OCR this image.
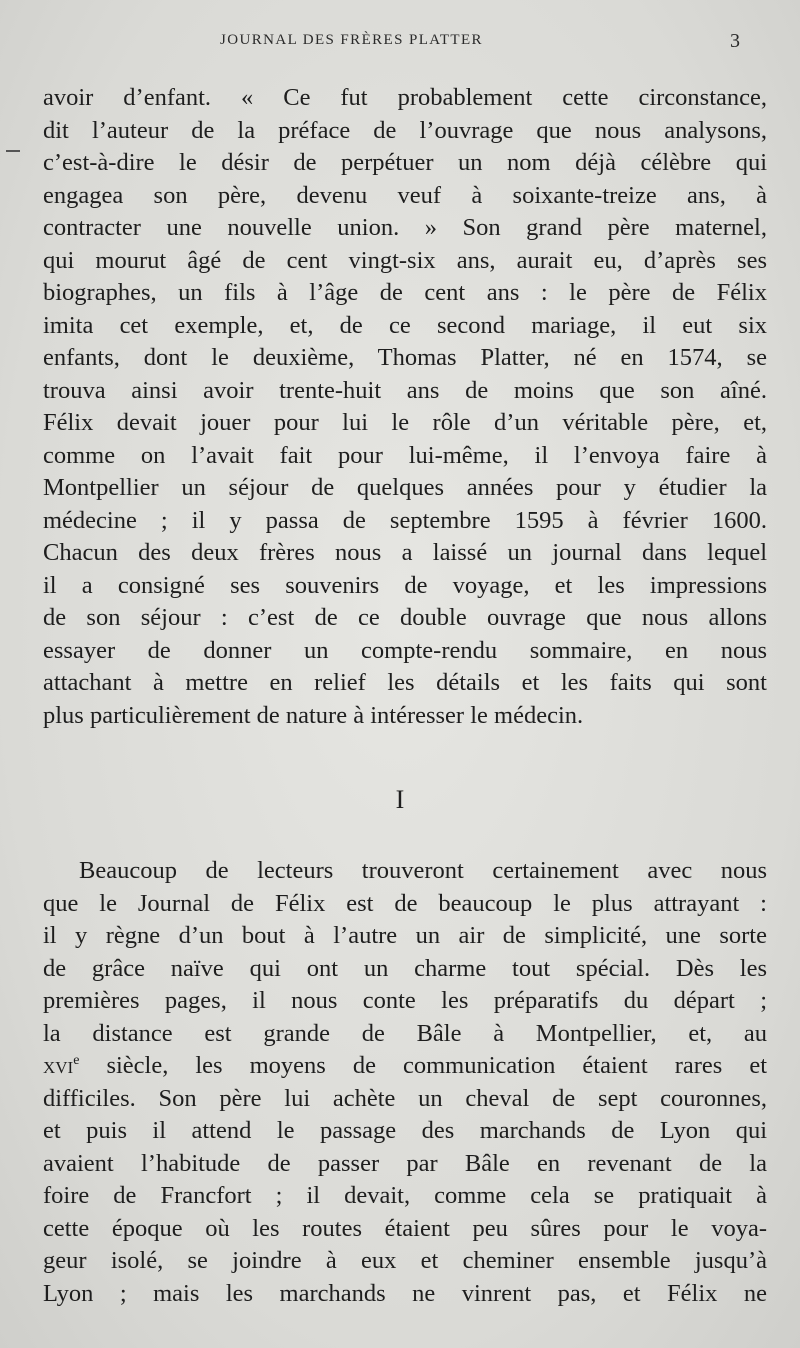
JOURNAL DES FRÈRES PLATTER	3
avoir d’enfant. « Ce fut probablement cette circonstance,
dit l’auteur de la préface de l’ouvrage que nous analysons,
c’est-à-dire le désir de perpétuer un nom déjà célèbre qui
engagea son père, devenu veuf à soixante-treize ans, à
contracter une nouvelle union. » Son grand père maternel,
qui mourut âgé de cent vingt-six ans, aurait eu, d’après ses
biographes, un fils à l’âge de cent ans : le père de Félix
imita cet exemple, et, de ce second mariage, il eut six
enfants, dont le deuxième, Thomas Platter, né en 1574, se
trouva ainsi avoir trente-huit ans de moins que son aîné.
Félix devait jouer pour lui le rôle d’un véritable père, et,
comme on l’avait fait pour lui-même, il l’envoya faire à
Montpellier un séjour de quelques années pour y étudier la
médecine ; il y passa de septembre 1595 à février 1600.
Chacun des deux frères nous a laissé un journal dans lequel
il a consigné ses souvenirs de voyage, et les impressions
de son séjour : c’est de ce double ouvrage que nous allons
essayer de donner un compte-rendu sommaire, en nous
attachant à mettre en relief les détails et les faits qui sont
plus particulièrement de nature à intéresser le médecin.
I
Beaucoup de lecteurs trouveront certainement avec nous
que le Journal de Félix est de beaucoup le plus attrayant :
il y règne d’un bout à l’autre un air de simplicité, une sorte
de grâce naïve qui ont un charme tout spécial. Dès les
premières pages, il nous conte les préparatifs du départ ;
la distance est grande de Bâle à Montpellier, et, au
xvi$^e$ siècle, les moyens de communication étaient rares et
difficiles. Son père lui achète un cheval de sept couronnes,
et puis il attend le passage des marchands de Lyon qui
avaient l’habitude de passer par Bâle en revenant de la
foire de Francfort ; il devait, comme cela se pratiquait à
cette époque où les routes étaient peu sûres pour le voya-
geur isolé, se joindre à eux et cheminer ensemble jusqu’à
Lyon ; mais les marchands ne vinrent pas, et Félix ne
